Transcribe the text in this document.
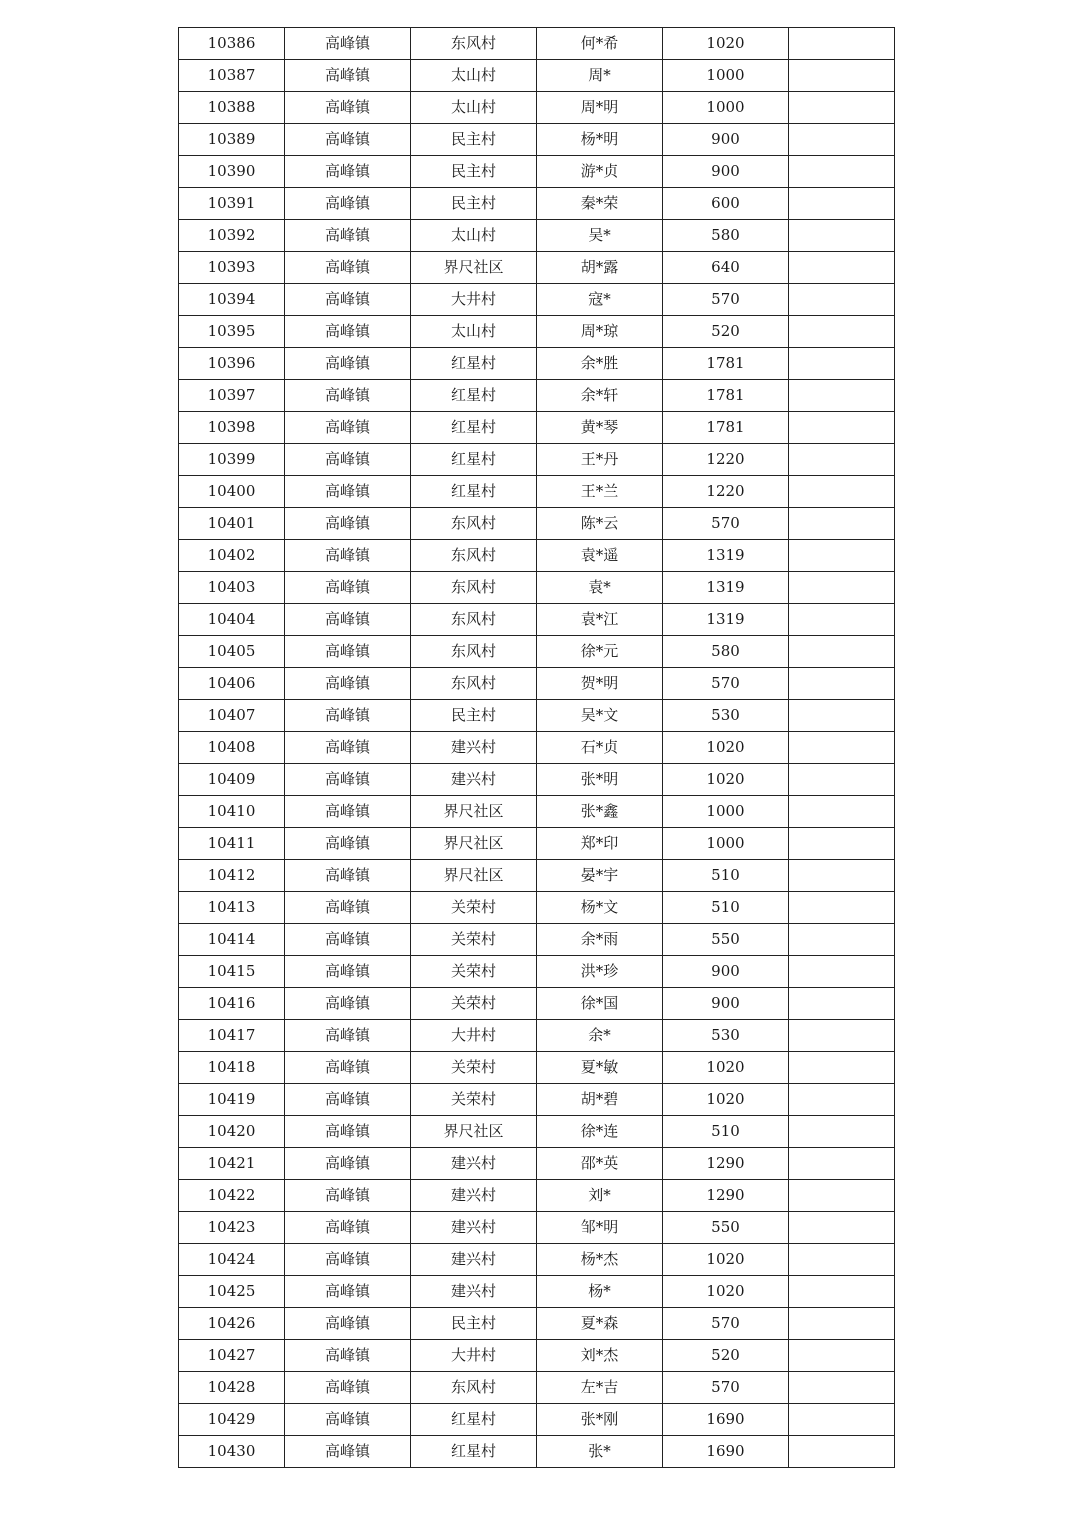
10386	高峰镇	东风村	何*希	1020	
10387	高峰镇	太山村	周*	1000	
10388	高峰镇	太山村	周*明	1000	
10389	高峰镇	民主村	杨*明	900	
10390	高峰镇	民主村	游*贞	900	
10391	高峰镇	民主村	秦*荣	600	
10392	高峰镇	太山村	吴*	580	
10393	高峰镇	界尺社区	胡*露	640	
10394	高峰镇	大井村	寇*	570	
10395	高峰镇	太山村	周*琼	520	
10396	高峰镇	红星村	余*胜	1781	
10397	高峰镇	红星村	余*轩	1781	
10398	高峰镇	红星村	黄*琴	1781	
10399	高峰镇	红星村	王*丹	1220	
10400	高峰镇	红星村	王*兰	1220	
10401	高峰镇	东风村	陈*云	570	
10402	高峰镇	东风村	袁*遥	1319	
10403	高峰镇	东风村	袁*	1319	
10404	高峰镇	东风村	袁*江	1319	
10405	高峰镇	东风村	徐*元	580	
10406	高峰镇	东风村	贺*明	570	
10407	高峰镇	民主村	吴*文	530	
10408	高峰镇	建兴村	石*贞	1020	
10409	高峰镇	建兴村	张*明	1020	
10410	高峰镇	界尺社区	张*鑫	1000	
10411	高峰镇	界尺社区	郑*印	1000	
10412	高峰镇	界尺社区	晏*宇	510	
10413	高峰镇	关荣村	杨*文	510	
10414	高峰镇	关荣村	余*雨	550	
10415	高峰镇	关荣村	洪*珍	900	
10416	高峰镇	关荣村	徐*国	900	
10417	高峰镇	大井村	余*	530	
10418	高峰镇	关荣村	夏*敏	1020	
10419	高峰镇	关荣村	胡*碧	1020	
10420	高峰镇	界尺社区	徐*连	510	
10421	高峰镇	建兴村	邵*英	1290	
10422	高峰镇	建兴村	刘*	1290	
10423	高峰镇	建兴村	邹*明	550	
10424	高峰镇	建兴村	杨*杰	1020	
10425	高峰镇	建兴村	杨*	1020	
10426	高峰镇	民主村	夏*森	570	
10427	高峰镇	大井村	刘*杰	520	
10428	高峰镇	东风村	左*吉	570	
10429	高峰镇	红星村	张*刚	1690	
10430	高峰镇	红星村	张*	1690	
